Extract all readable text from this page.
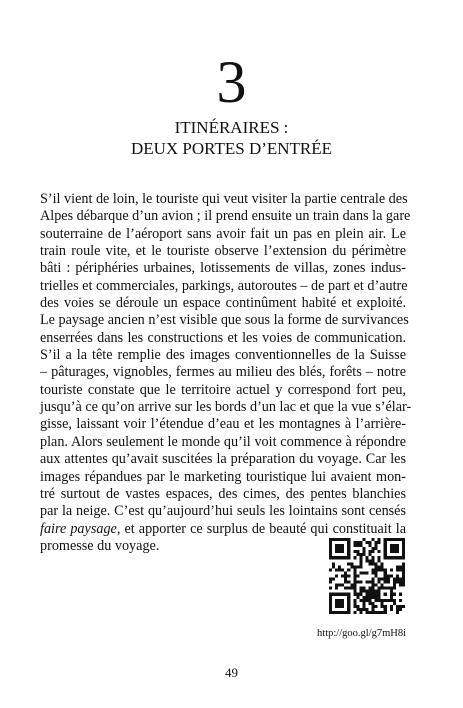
3
ITINÉRAIRES :
DEUX PORTES D’ENTRÉE
S’il vient de loin, le touriste qui veut visiter la partie centrale des
Alpes débarque d’un avion ; il prend ensuite un train dans la gare
souterraine de l’aéroport sans avoir fait un pas en plein air. Le
train roule vite, et le touriste observe l’extension du périmètre
bâti : périphéries urbaines, lotissements de villas, zones indus-
trielles et commerciales, parkings, autoroutes – de part et d’autre
des voies se déroule un espace continûment habité et exploité.
Le paysage ancien n’est visible que sous la forme de survivances
enserrées dans les constructions et les voies de communication.
S’il a la tête remplie des images conventionnelles de la Suisse
– pâturages, vignobles, fermes au milieu des blés, forêts – notre
touriste constate que le territoire actuel y correspond fort peu,
jusqu’à ce qu’on arrive sur les bords d’un lac et que la vue s’élar-
gisse, laissant voir l’étendue d’eau et les montagnes à l’arrière-
plan. Alors seulement le monde qu’il voit commence à répondre
aux attentes qu’avait suscitées la préparation du voyage. Car les
images répandues par le marketing touristique lui avaient mon-
tré surtout de vastes espaces, des cimes, des pentes blanchies
par la neige. C’est qu’aujourd’hui seuls les lointains sont censés
faire paysage, et apporter ce surplus de beauté qui constituait la
promesse du voyage.
http://goo.gl/g7mH8i
49
